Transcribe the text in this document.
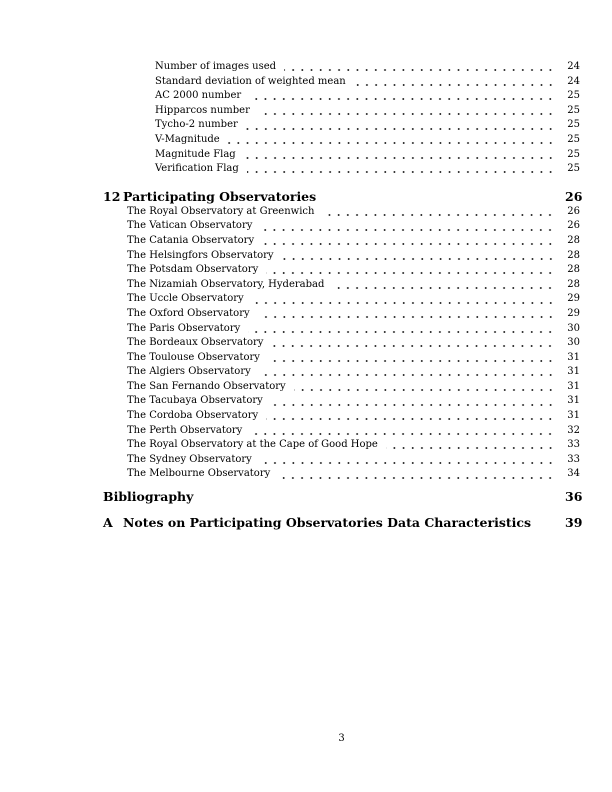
Number of images used	24
Standard deviation of weighted mean	24
AC 2000 number	25
Hipparcos number	25
Tycho-2 number	25
V-Magnitude	25
Magnitude Flag	25
Verification Flag	25
12 Participating Observatories	26
The Royal Observatory at Greenwich	26
The Vatican Observatory	26
The Catania Observatory	28
The Helsingfors Observatory	28
The Potsdam Observatory	28
The Nizamiah Observatory, Hyderabad	28
The Uccle Observatory	29
The Oxford Observatory	29
The Paris Observatory	30
The Bordeaux Observatory	30
The Toulouse Observatory	31
The Algiers Observatory	31
The San Fernando Observatory	31
The Tacubaya Observatory	31
The Cordoba Observatory	31
The Perth Observatory	32
The Royal Observatory at the Cape of Good Hope	33
The Sydney Observatory	33
The Melbourne Observatory	34
Bibliography	36
A Notes on Participating Observatories Data Characteristics	39
3
